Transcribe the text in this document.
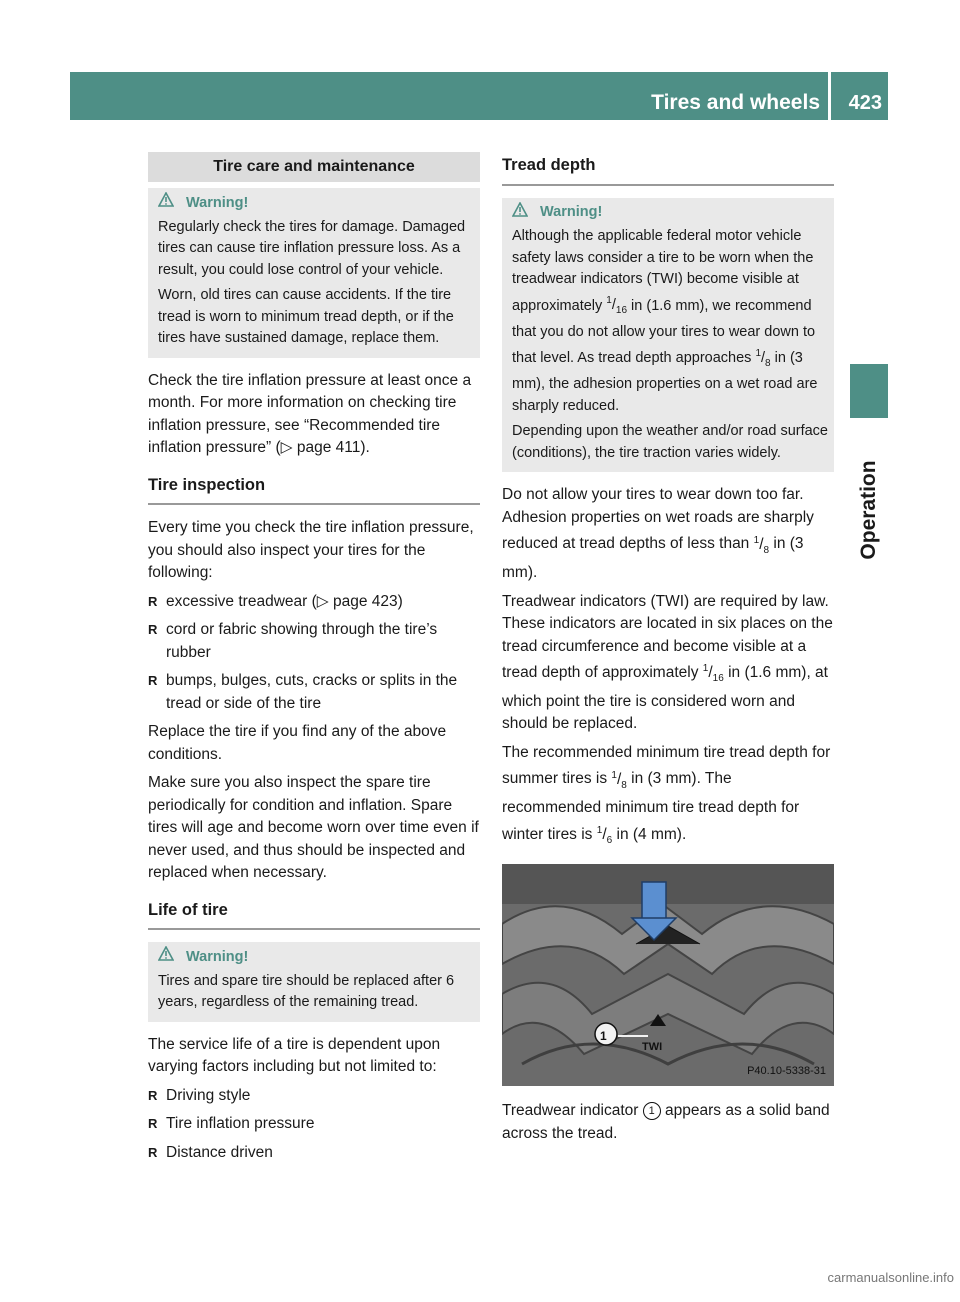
Tires and wheels 423
Operation
Tire care and maintenance
Warning!

Regularly check the tires for damage. Damaged tires can cause tire inflation pressure loss. As a result, you could lose control of your vehicle.

Worn, old tires can cause accidents. If the tire tread is worn to minimum tread depth, or if the tires have sustained damage, replace them.

Check the tire inflation pressure at least once a month. For more information on checking tire inflation pressure, see “Recommended tire inflation pressure” (▷ page 411).

Tire inspection

Every time you check the tire inflation pressure, you should also inspect your tires for the following:

R excessive treadwear (▷ page 423)
R cord or fabric showing through the tire’s rubber
R bumps, bulges, cuts, cracks or splits in the tread or side of the tire

Replace the tire if you find any of the above conditions.

Make sure you also inspect the spare tire periodically for condition and inflation. Spare tires will age and become worn over time even if never used, and thus should be inspected and replaced when necessary.

Life of tire
Warning!

Tires and spare tire should be replaced after 6 years, regardless of the remaining tread.

The service life of a tire is dependent upon varying factors including but not limited to:

R Driving style
R Tire inflation pressure
R Distance driven
Tread depth
Warning!

Although the applicable federal motor vehicle safety laws consider a tire to be worn when the treadwear indicators (TWI) become visible at approximately $^1/_{16}$ in (1.6 mm), we recommend that you do not allow your tires to wear down to that level. As tread depth approaches $^1/_8$ in (3 mm), the adhesion properties on a wet road are sharply reduced.

Depending upon the weather and/or road surface (conditions), the tire traction varies widely.

Do not allow your tires to wear down too far. Adhesion properties on wet roads are sharply reduced at tread depths of less than $^1/_8$ in (3 mm).

Treadwear indicators (TWI) are required by law. These indicators are located in six places on the tread circumference and become visible at a tread depth of approximately $^1/_{16}$ in (1.6 mm), at which point the tire is considered worn and should be replaced.

The recommended minimum tire tread depth for summer tires is $^1/_8$ in (3 mm). The recommended minimum tire tread depth for winter tires is $^1/_6$ in (4 mm).

1
TWI
P40.10-5338-31

Treadwear indicator 1 appears as a solid band across the tread.

carmanualsonline.info
